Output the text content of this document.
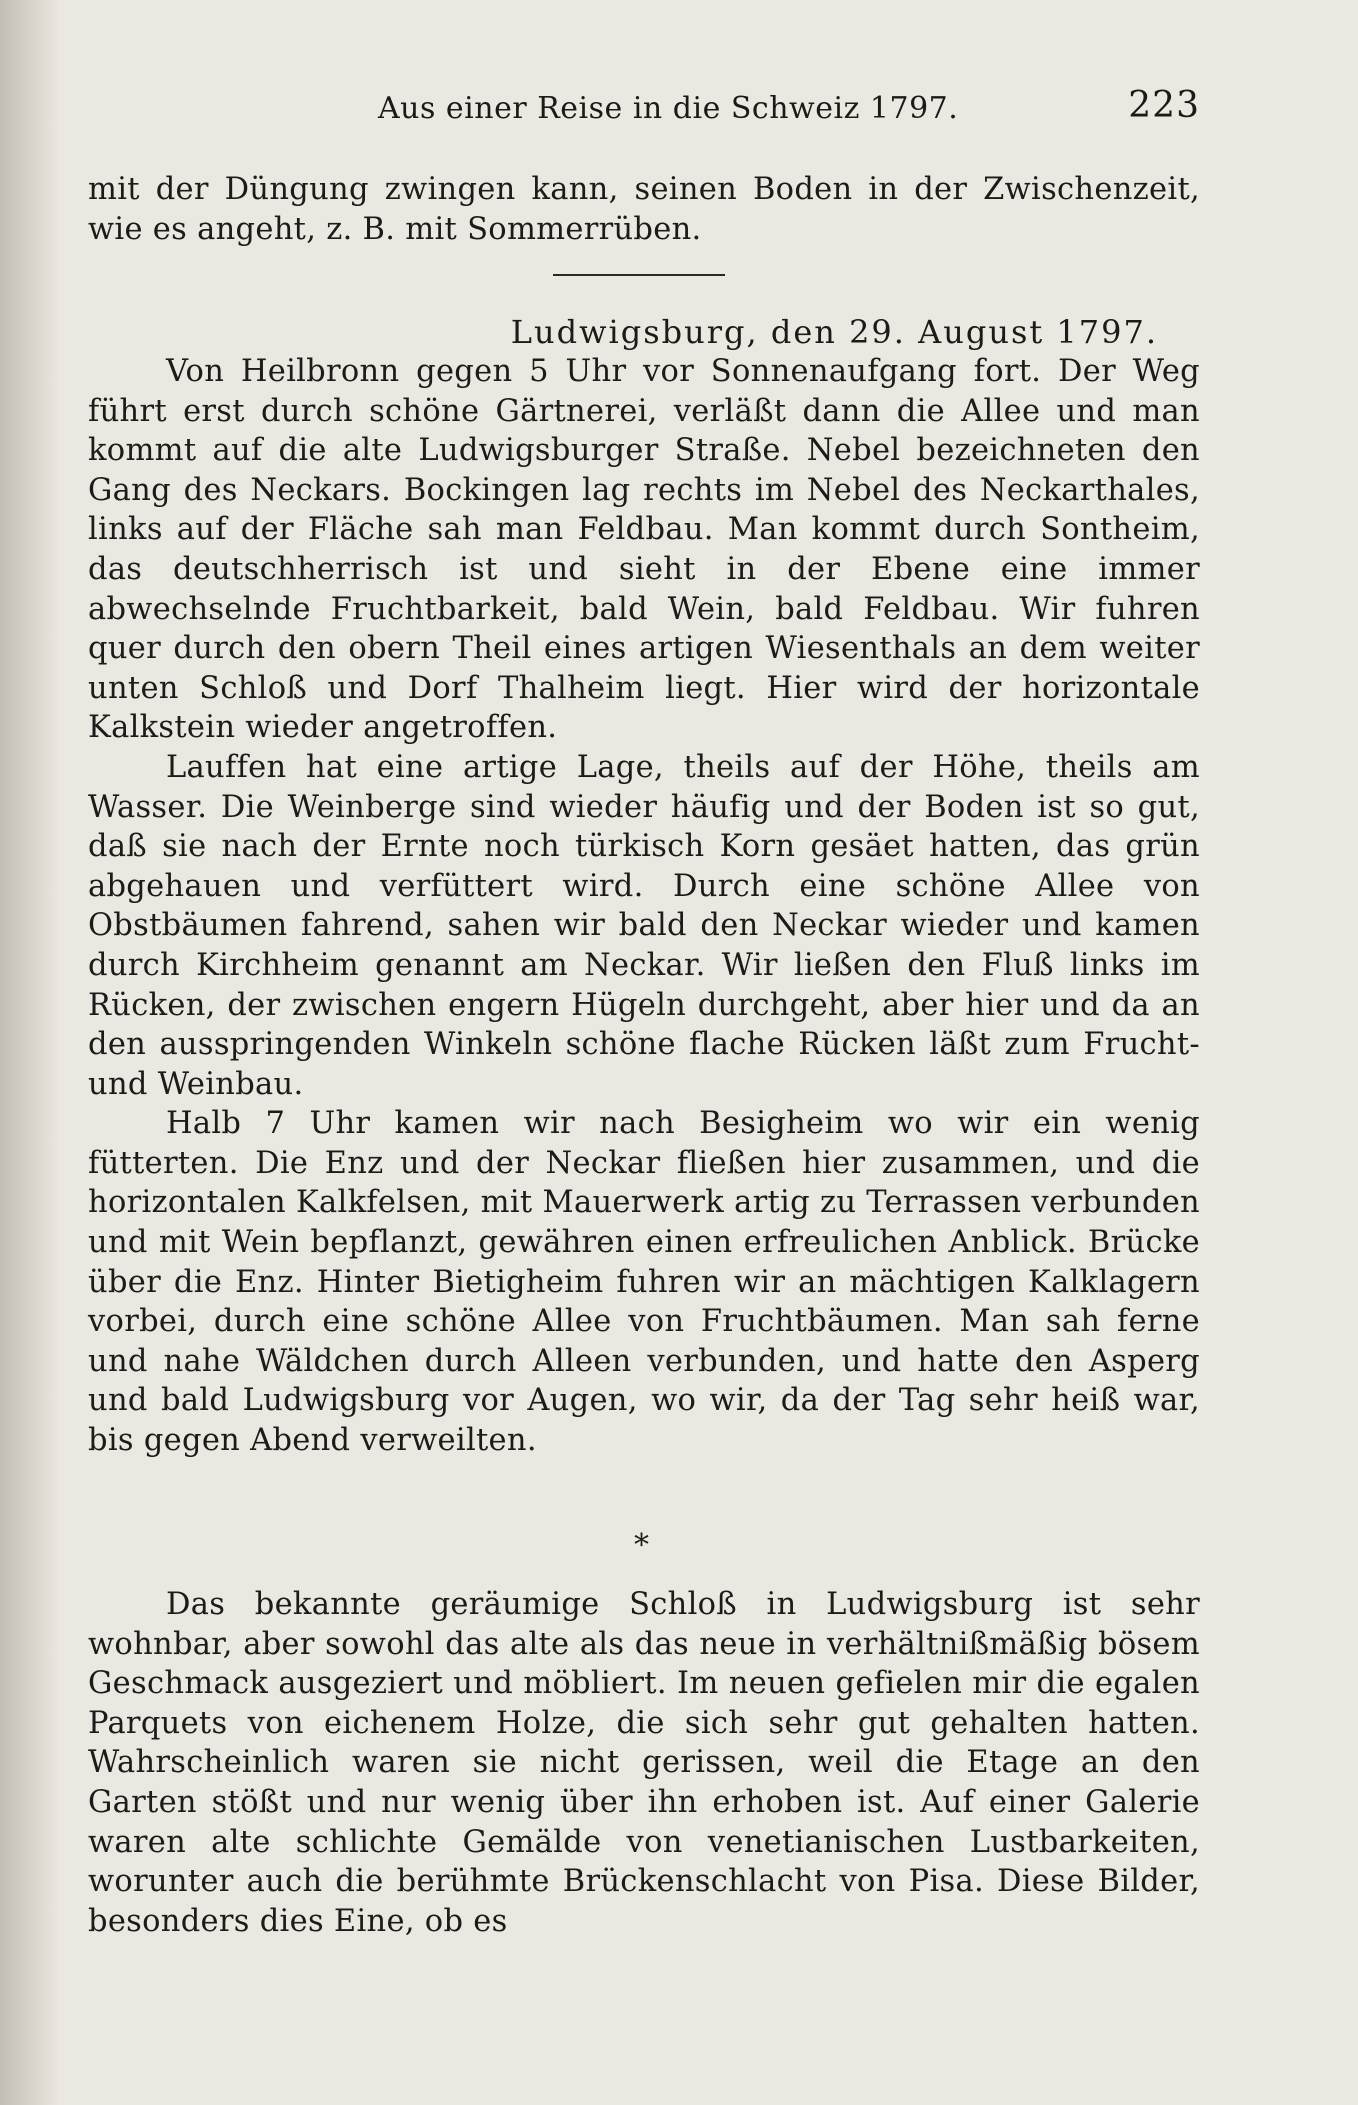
Aus einer Reise in die Schweiz 1797.	223

mit der Düngung zwingen kann, seinen Boden in der Zwischenzeit, wie es angeht, z. B. mit Sommerrüben.

Ludwigsburg, den 29. August 1797.

Von Heilbronn gegen 5 Uhr vor Sonnenaufgang fort. Der Weg führt erst durch schöne Gärtnerei, verläßt dann die Allee und man kommt auf die alte Ludwigsburger Straße. Nebel bezeichneten den Gang des Neckars. Bockingen lag rechts im Nebel des Neckarthales, links auf der Fläche sah man Feldbau. Man kommt durch Sontheim, das deutschherrisch ist und sieht in der Ebene eine immer abwechselnde Fruchtbarkeit, bald Wein, bald Feldbau. Wir fuhren quer durch den obern Theil eines artigen Wiesenthals an dem weiter unten Schloß und Dorf Thalheim liegt. Hier wird der horizontale Kalkstein wieder angetroffen.

Lauffen hat eine artige Lage, theils auf der Höhe, theils am Wasser. Die Weinberge sind wieder häufig und der Boden ist so gut, daß sie nach der Ernte noch türkisch Korn gesäet hatten, das grün abgehauen und verfüttert wird. Durch eine schöne Allee von Obstbäumen fahrend, sahen wir bald den Neckar wieder und kamen durch Kirchheim genannt am Neckar. Wir ließen den Fluß links im Rücken, der zwischen engern Hügeln durchgeht, aber hier und da an den ausspringenden Winkeln schöne flache Rücken läßt zum Frucht- und Weinbau.

Halb 7 Uhr kamen wir nach Besigheim wo wir ein wenig fütterten. Die Enz und der Neckar fließen hier zusammen, und die horizontalen Kalkfelsen, mit Mauerwerk artig zu Terrassen verbunden und mit Wein bepflanzt, gewähren einen erfreulichen Anblick. Brücke über die Enz. Hinter Bietigheim fuhren wir an mächtigen Kalklagern vorbei, durch eine schöne Allee von Fruchtbäumen. Man sah ferne und nahe Wäldchen durch Alleen verbunden, und hatte den Asperg und bald Ludwigsburg vor Augen, wo wir, da der Tag sehr heiß war, bis gegen Abend verweilten.

*

Das bekannte geräumige Schloß in Ludwigsburg ist sehr wohnbar, aber sowohl das alte als das neue in verhältnißmäßig bösem Geschmack ausgeziert und möbliert. Im neuen gefielen mir die egalen Parquets von eichenem Holze, die sich sehr gut gehalten hatten. Wahrscheinlich waren sie nicht gerissen, weil die Etage an den Garten stößt und nur wenig über ihn erhoben ist. Auf einer Galerie waren alte schlichte Gemälde von venetianischen Lustbarkeiten, worunter auch die berühmte Brückenschlacht von Pisa. Diese Bilder, besonders dies Eine, ob es
